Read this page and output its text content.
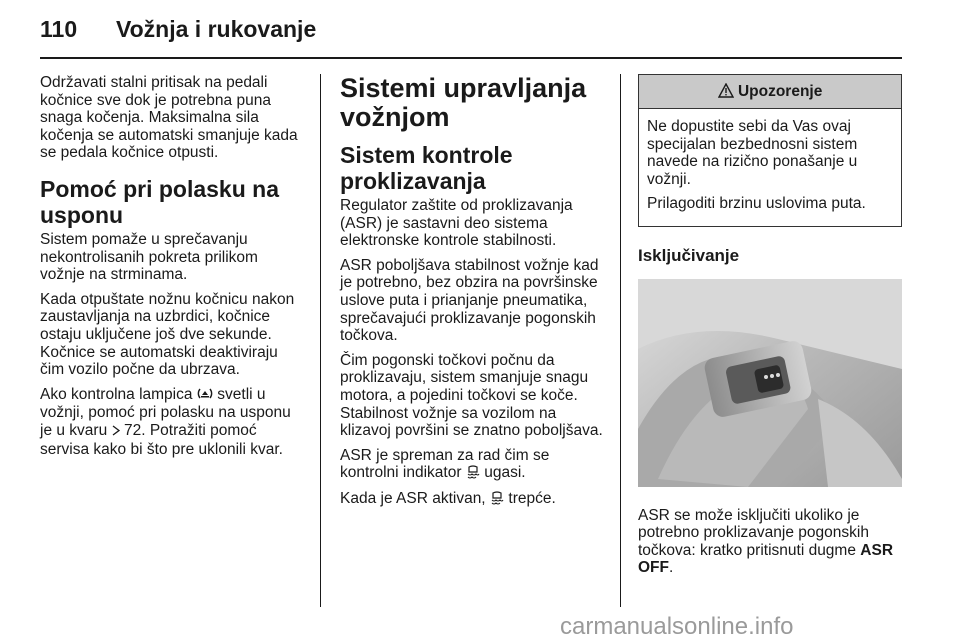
110 Vožnja i rukovanje

Održavati stalni pritisak na pedali kočnice sve dok je potrebna puna snaga kočenja. Maksimalna sila kočenja se automatski smanjuje kada se pedala kočnice otpusti.

Pomoć pri polasku na usponu

Sistem pomaže u sprečavanju nekontrolisanih pokreta prilikom vožnje na strminama.

Kada otpuštate nožnu kočnicu nakon zaustavljanja na uzbrdici, kočnice ostaju uključene još dve sekunde. Kočnice se automatski deaktiviraju čim vozilo počne da ubrzava.

Ako kontrolna lampica svetli u vožnji, pomoć pri polasku na usponu je u kvaru 72. Potražiti pomoć servisa kako bi što pre uklonili kvar.

Sistemi upravljanja vožnjom
Sistem kontrole proklizavanja

Regulator zaštite od proklizavanja (ASR) je sastavni deo sistema elektronske kontrole stabilnosti.

ASR poboljšava stabilnost vožnje kad je potrebno, bez obzira na površinske uslove puta i prianjanje pneumatika, sprečavajući proklizavanje pogonskih točkova.

Čim pogonski točkovi počnu da proklizavaju, sistem smanjuje snagu motora, a pojedini točkovi se koče. Stabilnost vožnje sa vozilom na klizavoj površini se znatno poboljšava.

ASR je spreman za rad čim se kontrolni indikator ugasi.

Kada je ASR aktivan, trepće.

Upozorenje

Ne dopustite sebi da Vas ovaj specijalan bezbednosni sistem navede na rizično ponašanje u vožnji.

Prilagoditi brzinu uslovima puta.

Isključivanje

ASR se može isključiti ukoliko je potrebno proklizavanje pogonskih točkova: kratko pritisnuti dugme ASR OFF.

carmanualsonline.info
